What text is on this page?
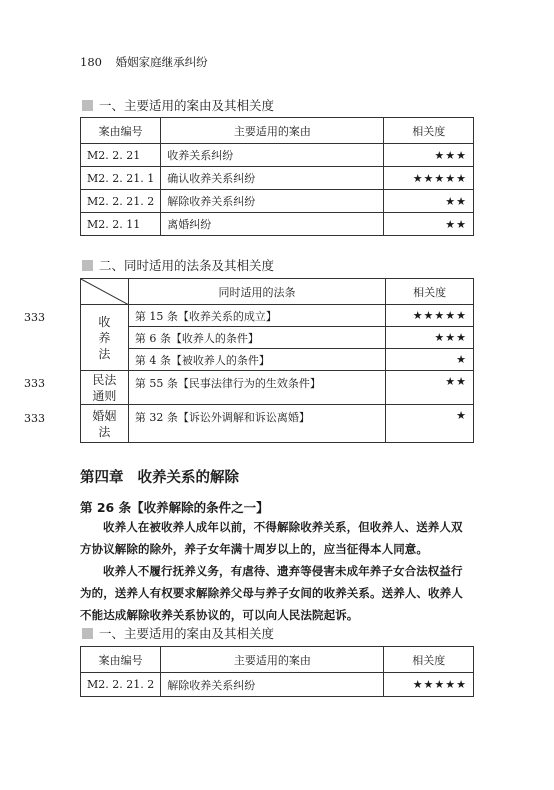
180 婚姻家庭继承纠纷
一、主要适用的案由及其相关度
案由编号	主要适用的案由	相关度
M2. 2. 21	收养关系纠纷	★★★
M2. 2. 21. 1	确认收养关系纠纷	★★★★★
M2. 2. 21. 2	解除收养关系纠纷	★★
M2. 2. 11	离婚纠纷	★★
二、同时适用的法条及其相关度
333
333
333
	同时适用的法条	相关度

收养法	第 15 条【收养关系的成立】	★★★★★
	第 6 条【收养人的条件】	★★★
	第 4 条【被收养人的条件】	★

民法通则	第 55 条【民事法律行为的生效条件】	★★

婚姻法	第 32 条【诉讼外调解和诉讼离婚】	★
第四章 收养关系的解除
第 26 条【收养解除的条件之一】
收养人在被收养人成年以前，不得解除收养关系，但收养人、送养人双方协议解除的除外，养子女年满十周岁以上的，应当征得本人同意。
收养人不履行抚养义务，有虐待、遗弃等侵害未成年养子女合法权益行为的，送养人有权要求解除养父母与养子女间的收养关系。送养人、收养人不能达成解除收养关系协议的，可以向人民法院起诉。
一、主要适用的案由及其相关度
案由编号	主要适用的案由	相关度
M2. 2. 21. 2	解除收养关系纠纷	★★★★★
